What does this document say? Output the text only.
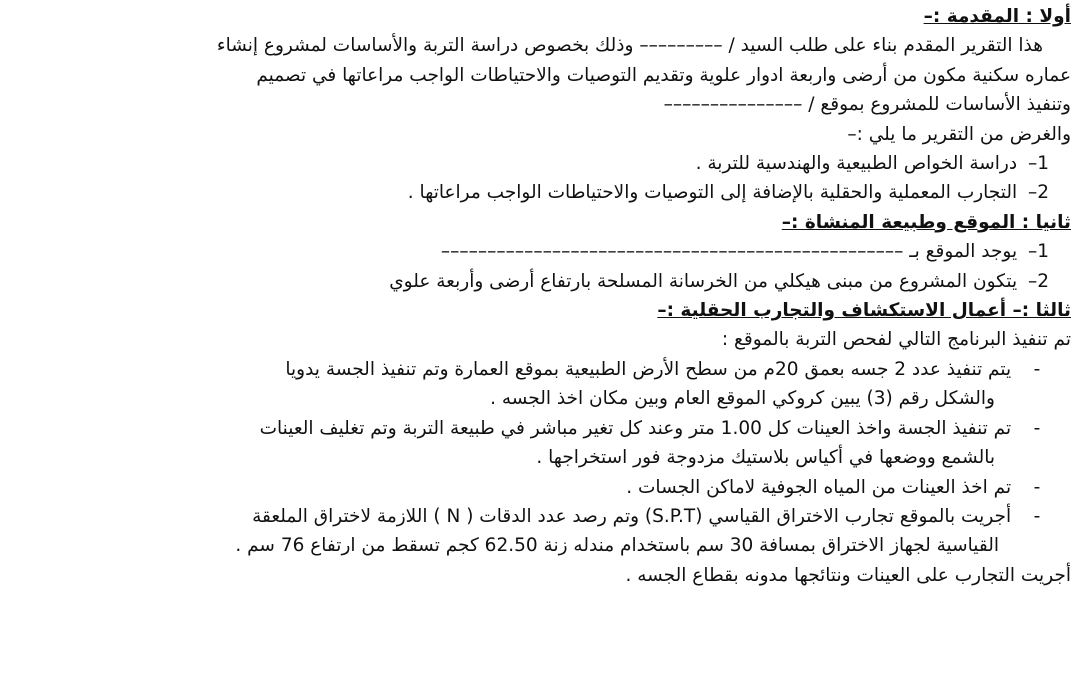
أولا : المقدمة :–
هذا التقرير المقدم بناء على طلب السيد / ––––––––– وذلك بخصوص دراسة التربة والأساسات لمشروع إنشاء
عماره سكنية مكون من أرضى واربعة ادوار علوية وتقديم التوصيات والاحتياطات الواجب مراعاتها في تصميم
وتنفيذ الأساسات للمشروع بموقع / –––––––––––––––
والغرض من التقرير ما يلي :–
1– دراسة الخواص الطبيعية والهندسية للتربة .
2– التجارب المعملية والحقلية بالإضافة إلى التوصيات والاحتياطات الواجب مراعاتها .
ثانيا : الموقع وطبيعة المنشاة :–
1– يوجد الموقع بـ ––––––––––––––––––––––––––––––––––––––––––––––––––
2– يتكون المشروع من مبنى هيكلي من الخرسانة المسلحة بارتفاع أرضى وأربعة علوي
ثالثا :– أعمال الاستكشاف والتجارب الحقلية :–
تم تنفيذ البرنامج التالي لفحص التربة بالموقع :
- يتم تنفيذ عدد 2 جسه بعمق 20م من سطح الأرض الطبيعية بموقع العمارة وتم تنفيذ الجسة يدويا
والشكل رقم (3) يبين كروكي الموقع العام وبين مكان اخذ الجسه .
- تم تنفيذ الجسة واخذ العينات كل 1.00 متر وعند كل تغير مباشر في طبيعة التربة وتم تغليف العينات
بالشمع ووضعها في أكياس بلاستيك مزدوجة فور استخراجها .
- تم اخذ العينات من المياه الجوفية لاماكن الجسات .
- أجريت بالموقع تجارب الاختراق القياسي (S.P.T) وتم رصد عدد الدقات ( N ) اللازمة لاختراق الملعقة
القياسية لجهاز الاختراق بمسافة 30 سم باستخدام مندله زنة 62.50 كجم تسقط من ارتفاع 76 سم .
أجريت التجارب على العينات ونتائجها مدونه بقطاع الجسه .
